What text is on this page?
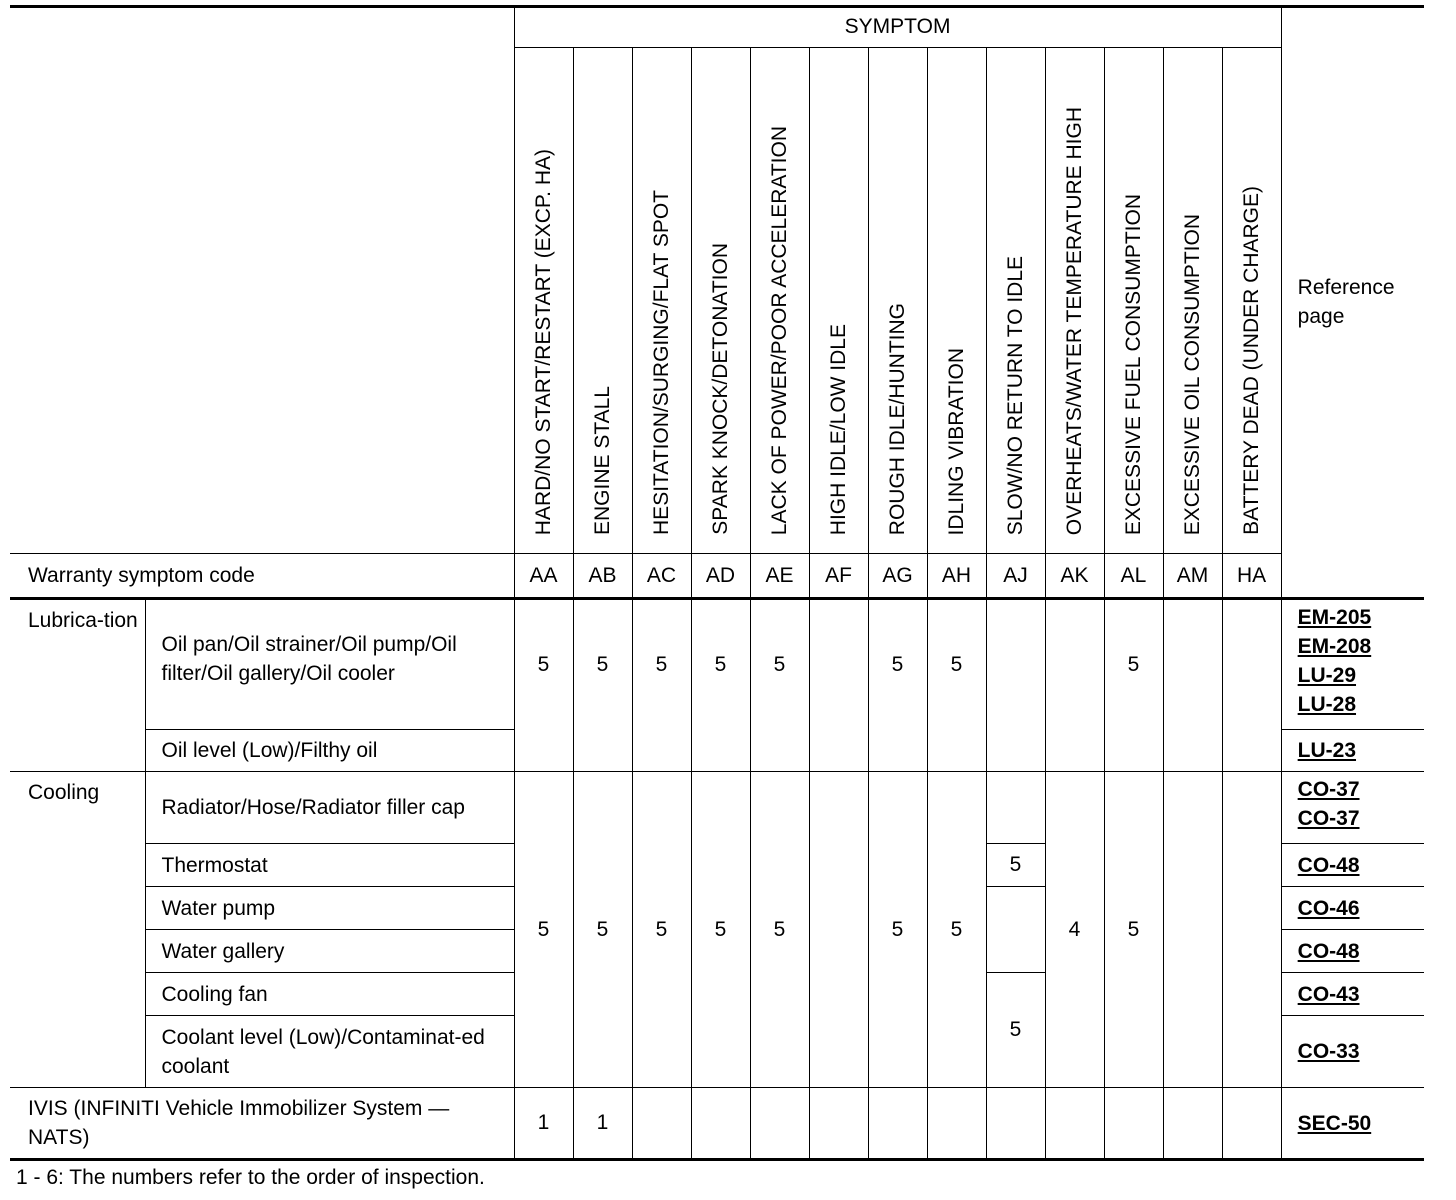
		SYMPTOM													Reference page
		HARD/NO START/RESTART (EXCP. HA)	ENGINE STALL	HESITATION/SURGING/FLAT SPOT	SPARK KNOCK/DETONATION	LACK OF POWER/POOR ACCELERATION	HIGH IDLE/LOW IDLE	ROUGH IDLE/HUNTING	IDLING VIBRATION	SLOW/NO RETURN TO IDLE	OVERHEATS/WATER TEMPERATURE HIGH	EXCESSIVE FUEL CONSUMPTION	EXCESSIVE OIL CONSUMPTION	BATTERY DEAD (UNDER CHARGE)	
Warranty symptom code		AA	AB	AC	AD	AE	AF	AG	AH	AJ	AK	AL	AM	HA	
Lubrica-tion	Oil pan/Oil strainer/Oil pump/Oil filter/Oil gallery/Oil cooler	5	5	5	5	5		5	5			5			EM-205
EM-208
LU-29
LU-28

	Oil level (Low)/Filthy oil														LU-23

Cooling	Radiator/Hose/Radiator filler cap	5	5	5	5	5		5	5		4	5			CO-37
CO-37

	Thermostat									5					CO-48

	Water pump														CO-46

	Water gallery														CO-48

	Cooling fan									5					CO-43

	Coolant level (Low)/Contaminat-ed coolant														CO-33

IVIS (INFINITI Vehicle Immobilizer System — NATS)		1	1												SEC-50
1 - 6: The numbers refer to the order of inspection.
